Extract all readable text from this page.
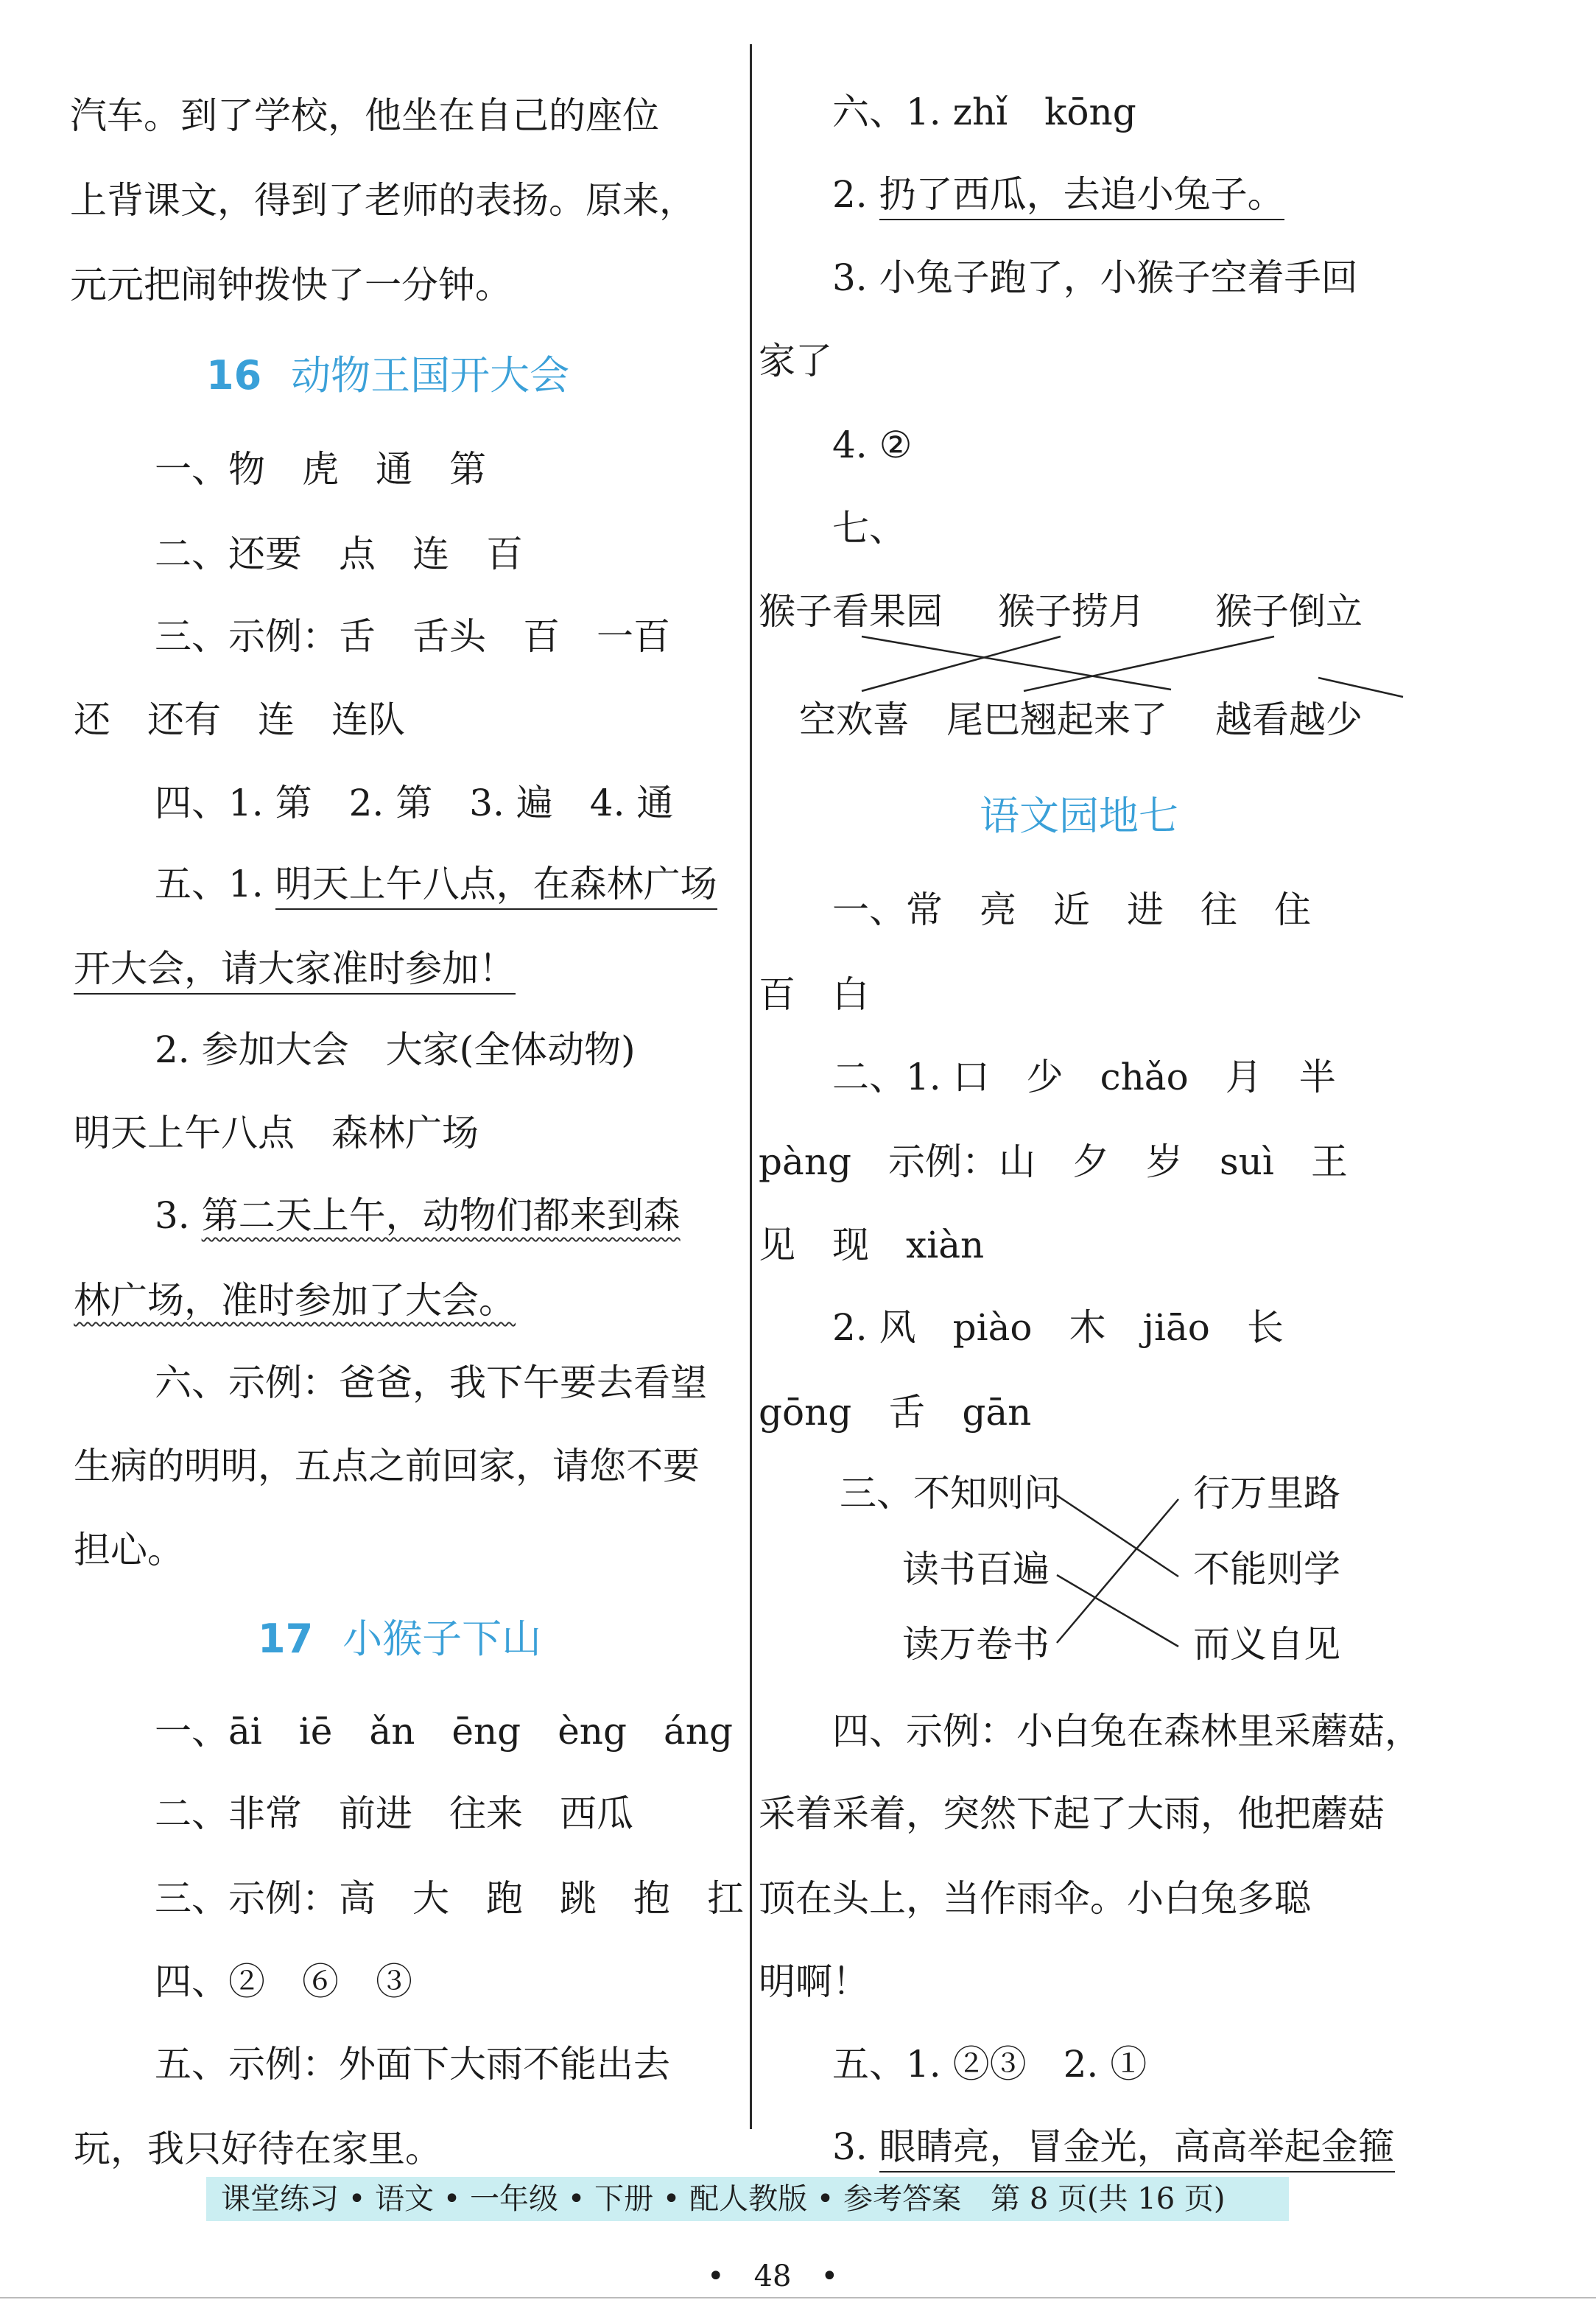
汽车。到了学校，他坐在自己的座位
上背课文，得到了老师的表扬。原来，
元元把闹钟拨快了一分钟。
16 动物王国开大会
一、物　虎　通　第
二、还要　点　连　百
三、示例：舌　舌头　百　一百
还　还有　连　连队
四、1. 第　2. 第　3. 遍　4. 通
五、1. 明天上午八点，在森林广场
开大会，请大家准时参加！
2. 参加大会　大家(全体动物)
明天上午八点　森林广场
3. 第二天上午，动物们都来到森
林广场，准时参加了大会。
六、示例：爸爸，我下午要去看望
生病的明明，五点之前回家，请您不要
担心。
17 小猴子下山
一、āi　iē　ǎn　ēng　èng　áng
二、非常　前进　往来　西瓜
三、示例：高　大　跑　跳　抱　扛
四、②　⑥　③
五、示例：外面下大雨不能出去
玩，我只好待在家里。
六、1. zhǐ　kōng
2. 扔了西瓜，去追小兔子。
3. 小兔子跑了，小猴子空着手回
家了
4. ②
七、
猴子看果园 猴子捞月 猴子倒立
空欢喜 尾巴翘起来了 越看越少
语文园地七
一、常　亮　近　进　往　住
百　白
二、1. 口　少　chǎo　月　半
pàng　示例：山　夕　岁　suì　王
见　现　xiàn
2. 风　piào　木　jiāo　长
gōng　舌　gān
三、不知则问
读书百遍
读万卷书
行万里路
不能则学
而义自见
四、示例：小白兔在森林里采蘑菇，
采着采着，突然下起了大雨，他把蘑菇
顶在头上，当作雨伞。小白兔多聪
明啊！
五、1. ②③　2. ①
3. 眼睛亮，冒金光，高高举起金箍
课堂练习 • 语文 • 一年级 • 下册 • 配人教版 • 参考答案　第 8 页(共 16 页)
•　48　•
